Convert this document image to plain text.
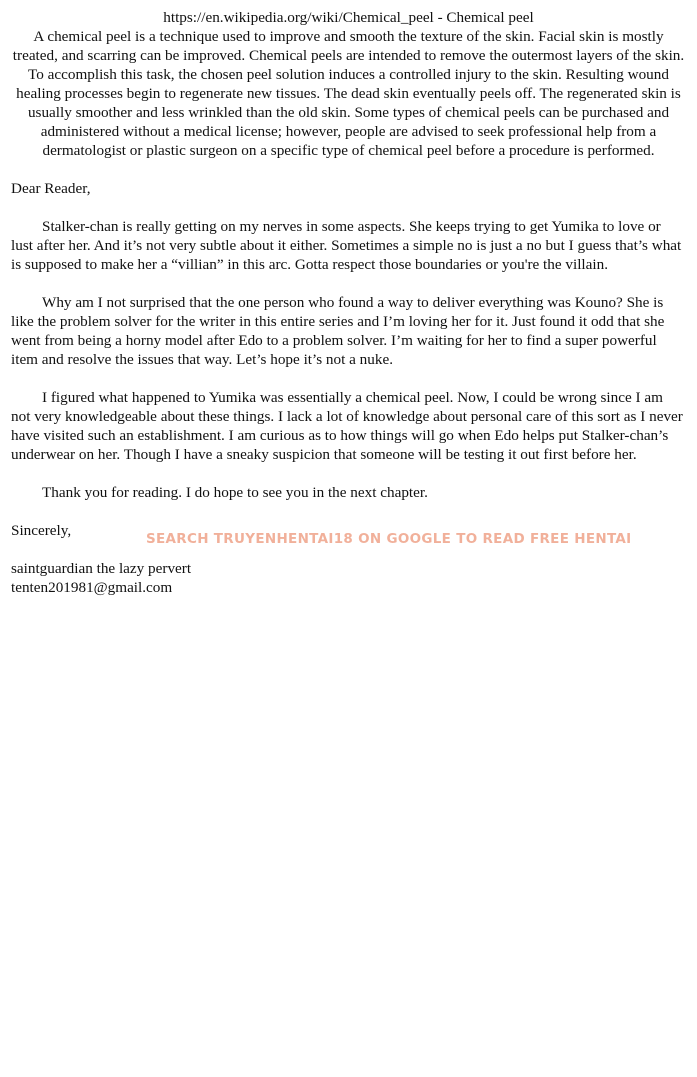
https://en.wikipedia.org/wiki/Chemical_peel - Chemical peel
A chemical peel is a technique used to improve and smooth the texture of the skin. Facial skin is mostly treated, and scarring can be improved. Chemical peels are intended to remove the outermost layers of the skin. To accomplish this task, the chosen peel solution induces a controlled injury to the skin. Resulting wound healing processes begin to regenerate new tissues. The dead skin eventually peels off. The regenerated skin is usually smoother and less wrinkled than the old skin. Some types of chemical peels can be purchased and administered without a medical license; however, people are advised to seek professional help from a dermatologist or plastic surgeon on a specific type of chemical peel before a procedure is performed.

Dear Reader,

Stalker-chan is really getting on my nerves in some aspects. She keeps trying to get Yumika to love or lust after her. And it’s not very subtle about it either. Sometimes a simple no is just a no but I guess that’s what is supposed to make her a “villian” in this arc. Gotta respect those boundaries or you're the villain.

Why am I not surprised that the one person who found a way to deliver everything was Kouno? She is like the problem solver for the writer in this entire series and I’m loving her for it. Just found it odd that she went from being a horny model after Edo to a problem solver. I’m waiting for her to find a super powerful item and resolve the issues that way. Let’s hope it’s not a nuke.

I figured what happened to Yumika was essentially a chemical peel. Now, I could be wrong since I am not very knowledgeable about these things. I lack a lot of knowledge about personal care of this sort as I never have visited such an establishment. I am curious as to how things will go when Edo helps put Stalker-chan’s underwear on her. Though I have a sneaky suspicion that someone will be testing it out first before her.

Thank you for reading. I do hope to see you in the next chapter.

Sincerely,

saintguardian the lazy pervert
tenten201981@gmail.com
SEARCH TRUYENHENTAI18 ON GOOGLE TO READ FREE HENTAI
